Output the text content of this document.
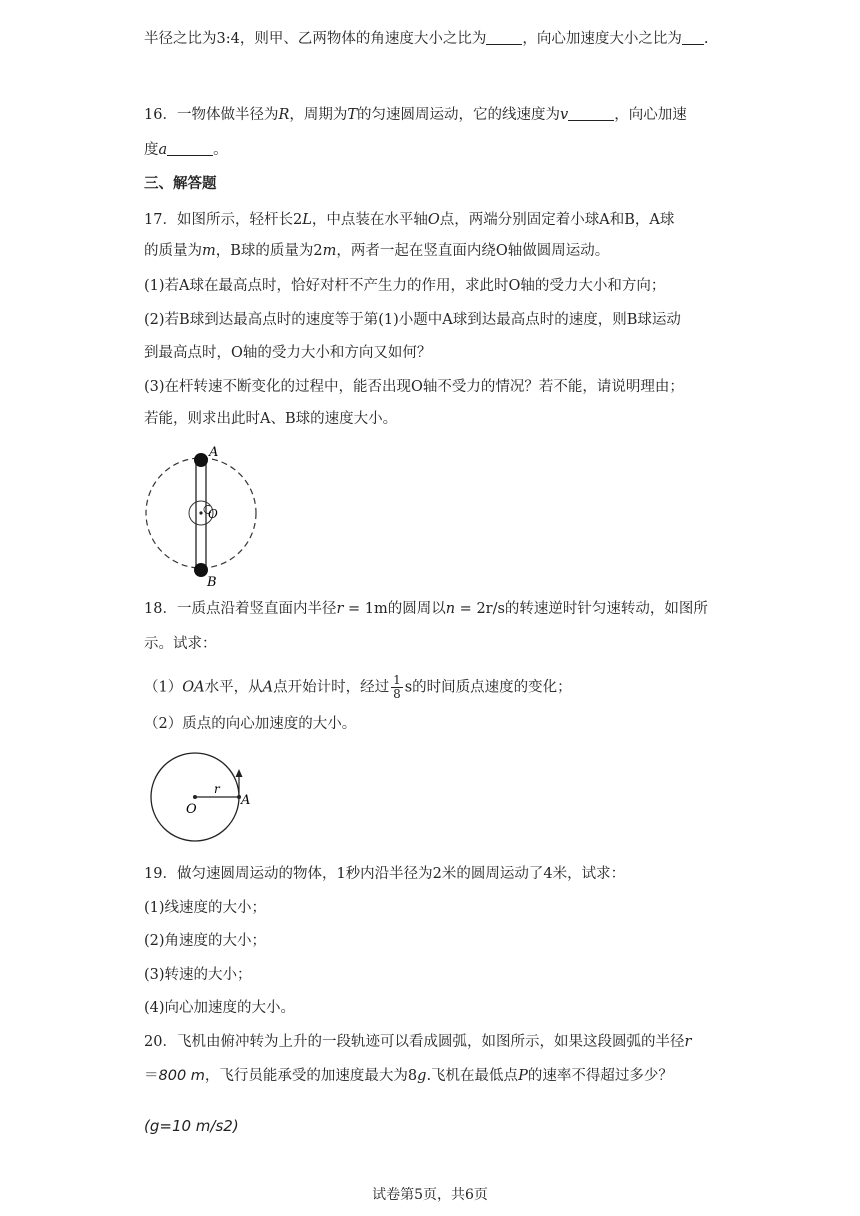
半径之比为3:4，则甲、乙两物体的角速度大小之比为 ，向心加速度大小之比为 .
16．一物体做半径为R，周期为T的匀速圆周运动，它的线速度为v	，向心加速
度a	。
三、解答题
17．如图所示，轻杆长2L，中点装在水平轴O点，两端分别固定着小球A和B，A球
的质量为m，B球的质量为2m，两者一起在竖直面内绕O轴做圆周运动。
(1)若A球在最高点时，恰好对杆不产生力的作用，求此时O轴的受力大小和方向；
(2)若B球到达最高点时的速度等于第(1)小题中A球到达最高点时的速度，则B球运动
到最高点时，O轴的受力大小和方向又如何？
(3)在杆转速不断变化的过程中，能否出现O轴不受力的情况？若不能，请说明理由；
若能，则求出此时A、B球的速度大小。
A
B
O
18．一质点沿着竖直面内半径r = 1m的圆周以n = 2r/s的转速逆时针匀速转动，如图所
示。试求：
（1）OA水平，从A点开始计时，经过 $\frac{1}{8}$ s的时间质点速度的变化；
（2）质点的向心加速度的大小。
O
A
r
19．做匀速圆周运动的物体，1秒内沿半径为2米的圆周运动了4米，试求：
(1)线速度的大小；
(2)角速度的大小；
(3)转速的大小；
(4)向心加速度的大小。
20．飞机由俯冲转为上升的一段轨迹可以看成圆弧，如图所示，如果这段圆弧的半径r
＝800 m，飞行员能承受的加速度最大为8g.飞机在最低点P的速率不得超过多少？
(g=10 m/s2)
试卷第5页，共6页
